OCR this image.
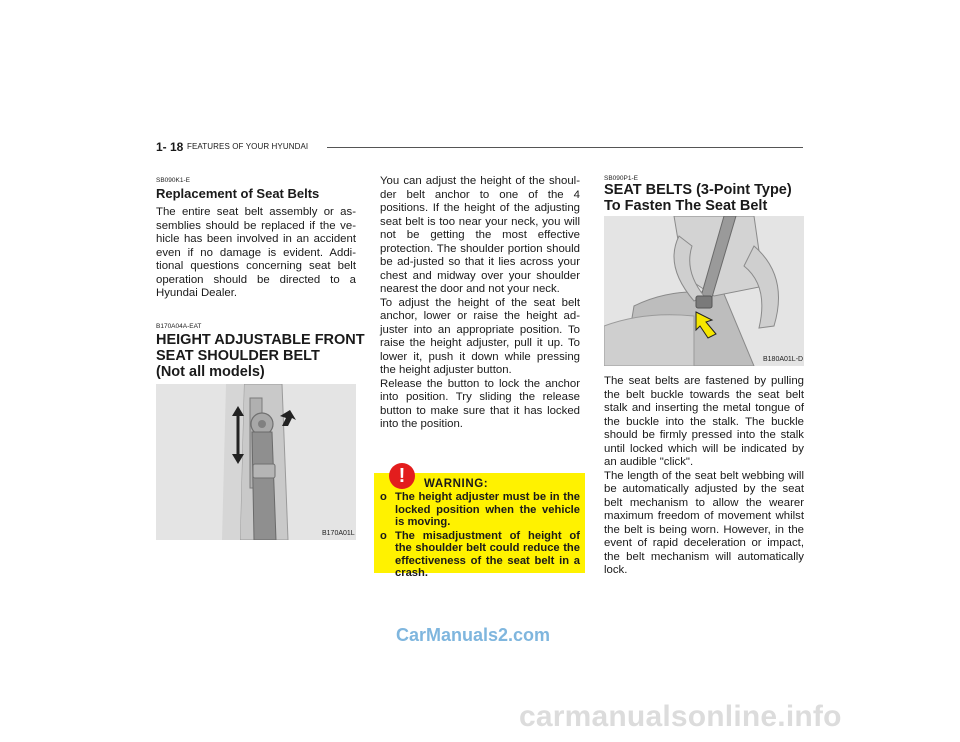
1- 18 FEATURES OF YOUR HYUNDAI
SB090K1-E
Replacement of Seat Belts
The entire seat belt assembly or as-semblies should be replaced if the ve-hicle has been involved in an accident even if no damage is evident. Addi-tional questions concerning seat belt operation should be directed to a Hyundai Dealer.
B170A04A-EAT
HEIGHT ADJUSTABLE FRONT
SEAT SHOULDER BELT
(Not all models)
B170A01L

You can adjust the height of the shoul-der belt anchor to one of the 4 positions. If the height of the adjusting seat belt is too near your neck, you will not be getting the most effective protection. The shoulder portion should be ad-justed so that it lies across your chest and midway over your shoulder nearest the door and not your neck.

To adjust the height of the seat belt anchor, lower or raise the height ad-juster into an appropriate position. To raise the height adjuster, pull it up. To lower it, push it down while pressing the height adjuster button.

Release the button to lock the anchor into position. Try sliding the release button to make sure that it has locked into the position.

!	WARNING:
o The height adjuster must be in the locked position when the vehicle is moving.
o The misadjustment of height of the shoulder belt could reduce the effectiveness of the seat belt in a crash.
SB090P1-E
SEAT BELTS (3-Point Type)
To Fasten The Seat Belt
B180A01L-D

The seat belts are fastened by pulling the belt buckle towards the seat belt stalk and inserting the metal tongue of the buckle into the stalk. The buckle should be firmly pressed into the stalk until locked which will be indicated by an audible "click".

The length of the seat belt webbing will be automatically adjusted by the seat belt mechanism to allow the wearer maximum freedom of movement whilst the belt is being worn. However, in the event of rapid deceleration or impact, the belt mechanism will automatically lock.

CarManuals2.com
carmanualsonline.info
